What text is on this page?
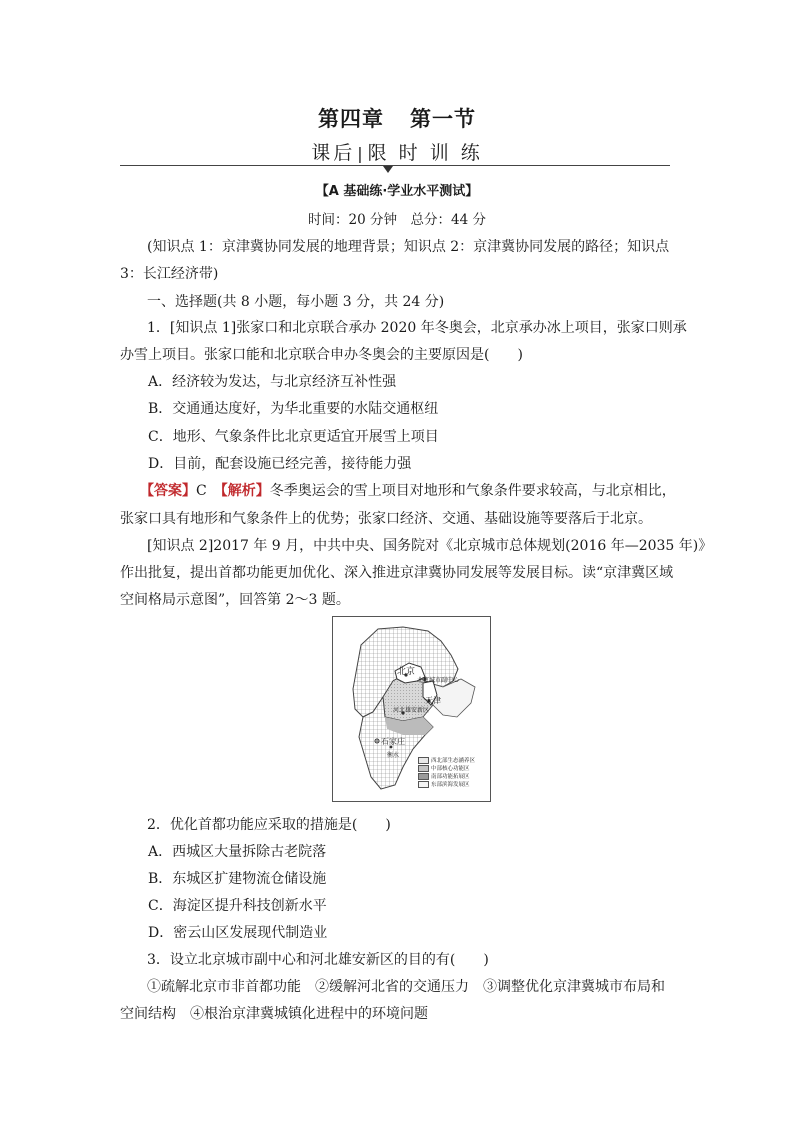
第四章 第一节
课后 | 限 时 训 练
【A 基础练·学业水平测试】
时间：20 分钟　总分：44 分
(知识点 1：京津冀协同发展的地理背景；知识点 2：京津冀协同发展的路径；知识点
3：长江经济带)
一、选择题(共 8 小题，每小题 3 分，共 24 分)
1．[知识点 1]张家口和北京联合承办 2020 年冬奥会，北京承办冰上项目，张家口则承
办雪上项目。张家口能和北京联合申办冬奥会的主要原因是(　　)
A．经济较为发达，与北京经济互补性强
B．交通通达度好，为华北重要的水陆交通枢纽
C．地形、气象条件比北京更适宜开展雪上项目
D．目前，配套设施已经完善，接待能力强
【答案】C　 【解析】冬季奥运会的雪上项目对地形和气象条件要求较高，与北京相比，
张家口具有地形和气象条件上的优势；张家口经济、交通、基础设施等要落后于北京。
[知识点 2]2017 年 9 月，中共中央、国务院对《北京城市总体规划(2016 年—2035 年)》
作出批复，提出首都功能更加优化、深入推进京津冀协同发展等发展目标。读“京津冀区域
空间格局示意图”，回答第 2～3 题。
北京
北京城市副中心
天津
河北雄安新区
石家庄
衡水
西北部生态涵养区
中部核心功能区
南部功能拓展区
东部滨海发展区
2．优化首都功能应采取的措施是(　　)
A．西城区大量拆除古老院落
B．东城区扩建物流仓储设施
C．海淀区提升科技创新水平
D．密云山区发展现代制造业
3．设立北京城市副中心和河北雄安新区的目的有(　　)
①疏解北京市非首都功能　②缓解河北省的交通压力　③调整优化京津冀城市布局和
空间结构　④根治京津冀城镇化进程中的环境问题
